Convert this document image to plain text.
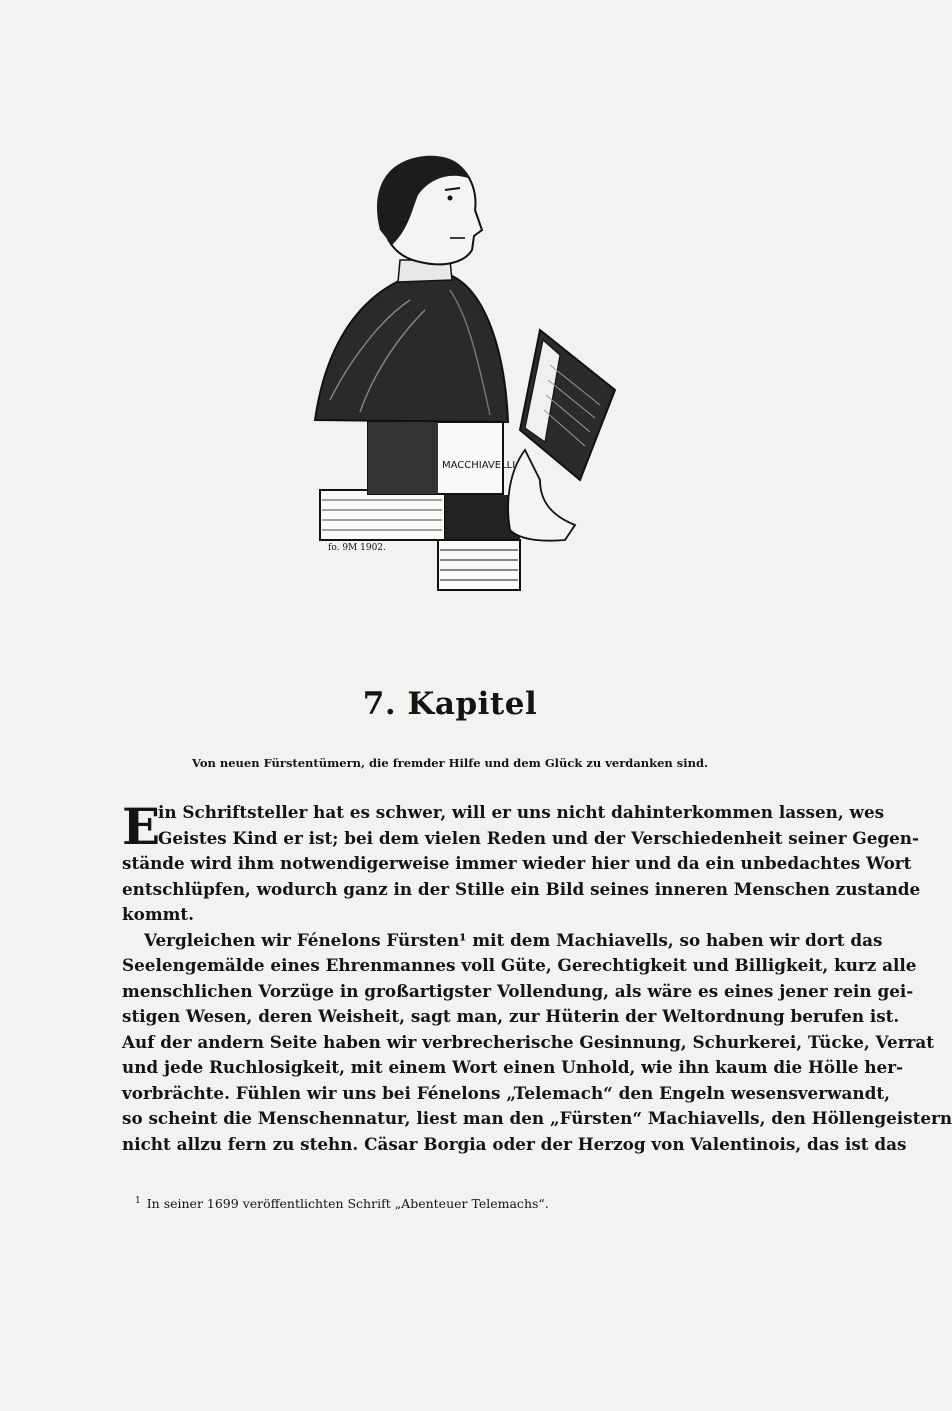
MACCHIAVELLI
fo. 9M 1902.
7. Kapitel
Von neuen Fürstentümern, die fremder Hilfe und dem Glück zu verdanken sind.
E
in Schriftsteller hat es schwer, will er uns nicht dahinterkommen lassen, wes
Geistes Kind er ist; bei dem vielen Reden und der Verschiedenheit seiner Gegen-
stände wird ihm notwendigerweise immer wieder hier und da ein unbedachtes Wort
entschlüpfen, wodurch ganz in der Stille ein Bild seines inneren Menschen zustande
kommt.
Vergleichen wir Fénelons Fürsten¹ mit dem Machiavells, so haben wir dort das
Seelengemälde eines Ehrenmannes voll Güte, Gerechtigkeit und Billigkeit, kurz alle
menschlichen Vorzüge in großartigster Vollendung, als wäre es eines jener rein gei-
stigen Wesen, deren Weisheit, sagt man, zur Hüterin der Weltordnung berufen ist.
Auf der andern Seite haben wir verbrecherische Gesinnung, Schurkerei, Tücke, Verrat
und jede Ruchlosigkeit, mit einem Wort einen Unhold, wie ihn kaum die Hölle her-
vorbrächte. Fühlen wir uns bei Fénelons „Telemach“ den Engeln wesensverwandt,
so scheint die Menschennatur, liest man den „Fürsten“ Machiavells, den Höllengeistern
nicht allzu fern zu stehn. Cäsar Borgia oder der Herzog von Valentinois, das ist das
$^1$ In seiner 1699 veröffentlichten Schrift „Abenteuer Telemachs“.
